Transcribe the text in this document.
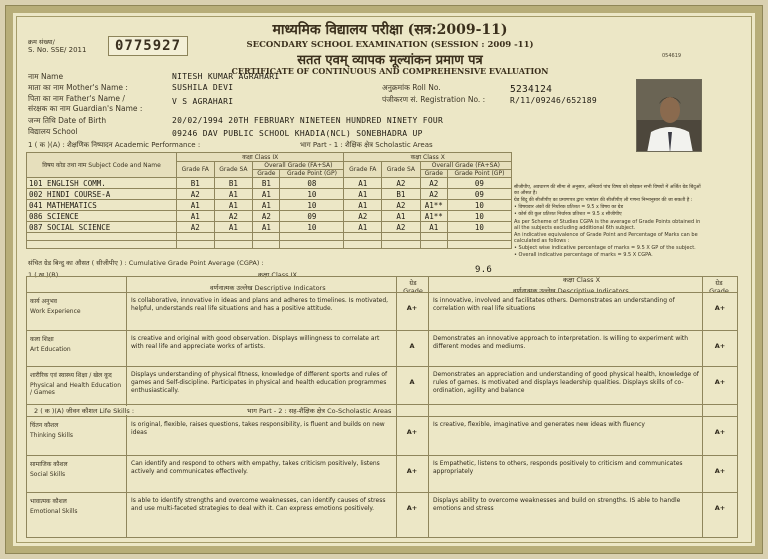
क्रम संख्या/
S. No. SSE/ 2011	0775927
माध्यमिक विद्यालय परीक्षा (सत्र:2009-11)
SECONDARY SCHOOL EXAMINATION (SESSION : 2009 -11)
सतत एवम् व्यापक मूल्यांकन प्रमाण पत्र
CERTIFICATE OF CONTINUOUS AND COMPREHENSIVE EVALUATION
054619
नाम Name	NITESH KUMAR AGRAHARI
माता का नाम Mother's Name :	SUSHILA DEVI
पिता का नाम Father's Name /
संरक्षक का नाम Guardian's Name :
V S AGRAHARI
जन्म तिथि Date of Birth	20/02/1994 20TH FEBRUARY NINETEEN HUNDRED NINETY FOUR
विद्यालय School	09246 DAV PUBLIC SCHOOL KHADIA(NCL) SONEBHADRA UP
अनुक्रमांक Roll No.	5234124
पंजीकरण सं. Registration No. :	R/11/09246/652189
1 ( क )(A) : शैक्षणिक निष्पादन Academic Performance :	भाग Part - 1 : शैक्षिक क्षेत्र Scholastic Areas
विषय कोड तथा नाम Subject Code and Name	कक्षा Class IX				कक्षा Class X			
	Grade FA	Grade SA	Overall Grade (FA+SA)		Grade FA	Grade SA	Overall Grade (FA+SA)	
			Grade	Grade Point (GP)			Grade	Grade Point (GP)
101 ENGLISH COMM.	B1	B1	B1	08	A1	A2	A2	09
002 HINDI COURSE-A	A2	A1	A1	10	A1	B1	A2	09
041 MATHEMATICS	A1	A1	A1	10	A1	A2	A1**	10
086 SCIENCE	A1	A2	A2	09	A2	A1	A1**	10
087 SOCIAL SCIENCE	A2	A1	A1	10	A1	A2	A1	10

सीजीपीए, अवधारण की सीमा से अनुसार, अनिवार्य पांच विषय को छोड़कर सभी विषयों में अर्जित ग्रेड बिंदुओं का औसत है।
ग्रेड बिंदु की सीजीपीए का प्रमाणपत्र द्वारा भाषांतर की सीजीपीए ली गणना निम्नानुसार की जा सकती है :
• विषयवार अंकों की निर्धारक प्रतिशत = 9.5 x विषय का ग्रेड
• कोर्स की कुल प्रतिशत निर्धारक प्रतिशत = 9.5 x सीजीपीए
As per Scheme of Studies CGPA is the average of Grade Points obtained in all the subjects excluding additional 6th subject.
An indicative equivalence of Grade Point and Percentage of Marks can be calculated as follows :
• Subject wise indicative percentage of marks = 9.5 X GP of the subject.
• Overall indicative percentage of marks = 9.5 X CGPA.
संचित ग्रेड बिन्दु का औसत ( सीजीपीए ) : Cumulative Grade Point Average (CGPA) :
9.6
1 ( ख )(B)	कक्षा Class IX
कक्षा Class X
वर्णनात्मक उल्लेख Descriptive Indicators	वर्णनात्मक उल्लेख Descriptive Indicators
ग्रेड Grade
ग्रेड Grade
2 ( क )(A) जीवन कौशल Life Skills :	भाग Part - 2 : सह-शैक्षिक क्षेत्र Co-Scholastic Areas
कार्य अनुभव
Work Experience
Is collaborative, innovative in ideas and plans and adheres to timelines. Is motivated, helpful, understands real life situations and has a positive attitude.	A+
Is innovative, involved and facilitates others. Demonstrates an understanding of correlation with real life situations	A+
कला शिक्षा
Art Education
Is creative and original with good observation. Displays willingness to correlate art with real life and appreciate works of artists.	A
Demonstrates an innovative approach to interpretation. Is willing to experiment with different modes and mediums.	A+
शारीरिक एवं स्वास्थ्य शिक्षा / खेल कूद
Physical and Health Education / Games
Displays understanding of physical fitness, knowledge of different sports and rules of games and Self-discipline. Participates in physical and health education programmes enthusiastically.
A
Demonstrates an appreciation and understanding of good physical health, knowledge of rules of games. Is motivated and displays leadership qualities. Displays skills of co-ordination, agility and balance
A+
चिंतन कौशल
Thinking Skills
Is original, flexible, raises questions, takes responsibility, is fluent and builds on new ideas	A+
Is creative, flexible, imaginative and generates new ideas with fluency
A+
सामाजिक कौशल
Social Skills
Can identify and respond to others with empathy, takes criticism positively, listens actively and communicates effectively.	A+
Is Empathetic, listens to others, responds positively to criticism and communicates appropriately	A+
भावात्मक कौशल
Emotional Skills
Is able to identify strengths and overcome weaknesses, can identify causes of stress and use multi-faceted strategies to deal with it. Can express emotions positively.	A+
Displays ability to overcome weaknesses and build on strengths. IS able to handle emotions and stress	A+
